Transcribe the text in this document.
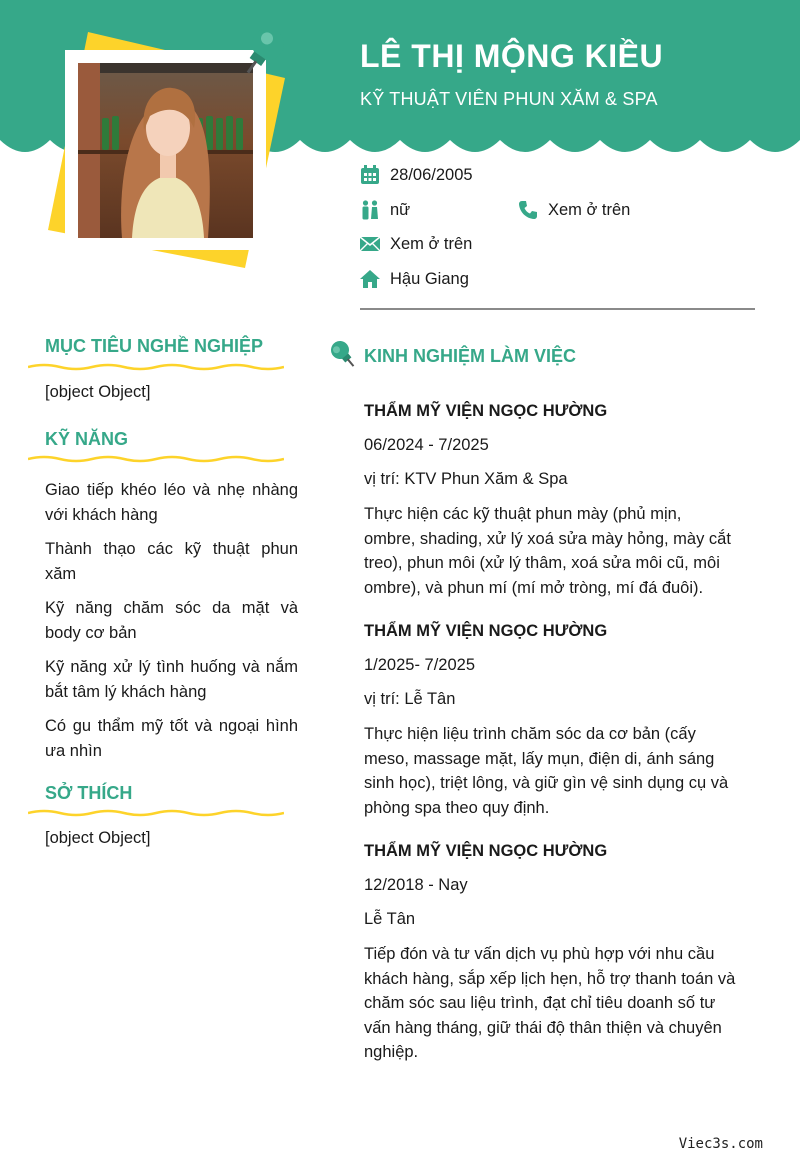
LÊ THỊ MỘNG KIỀU
KỸ THUẬT VIÊN PHUN XĂM & SPA
28/06/2005
nữ	Xem ở trên
Xem ở trên
Hậu Giang
MỤC TIÊU NGHỀ NGHIỆP
[object Object]
KỸ NĂNG
Giao tiếp khéo léo và nhẹ nhàng với khách hàng
Thành thạo các kỹ thuật phun xăm
Kỹ năng chăm sóc da mặt và body cơ bản
Kỹ năng xử lý tình huống và nắm bắt tâm lý khách hàng
Có gu thẩm mỹ tốt và ngoại hình ưa nhìn
SỞ THÍCH
[object Object]
KINH NGHIỆM LÀM VIỆC

THẨM MỸ VIỆN NGỌC HƯỜNG

06/2024 - 7/2025

vị trí: KTV Phun Xăm & Spa

Thực hiện các kỹ thuật phun mày (phủ mịn, ombre, shading, xử lý xoá sửa mày hỏng, mày cắt treo), phun môi (xử lý thâm, xoá sửa môi cũ, môi ombre), và phun mí (mí mở tròng, mí đá đuôi).

THẨM MỸ VIỆN NGỌC HƯỜNG

1/2025- 7/2025

vị trí: Lễ Tân

Thực hiện liệu trình chăm sóc da cơ bản (cấy meso, massage mặt, lấy mụn, điện di, ánh sáng sinh học), triệt lông, và giữ gìn vệ sinh dụng cụ và phòng spa theo quy định.

THẨM MỸ VIỆN NGỌC HƯỜNG

12/2018 - Nay

Lễ Tân

Tiếp đón và tư vấn dịch vụ phù hợp với nhu cầu khách hàng, sắp xếp lịch hẹn, hỗ trợ thanh toán và chăm sóc sau liệu trình, đạt chỉ tiêu doanh số tư vấn hàng tháng, giữ thái độ thân thiện và chuyên nghiệp.

Viec3s.com
